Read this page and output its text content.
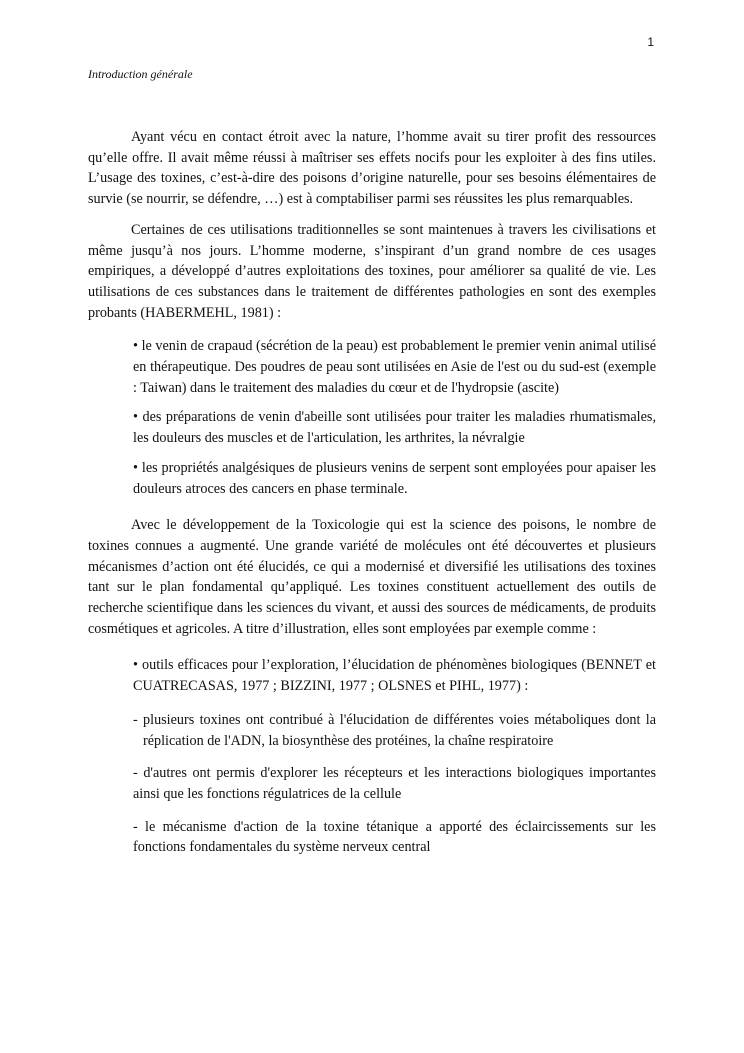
1
Introduction générale

Ayant vécu en contact étroit avec la nature, l’homme avait su tirer profit des ressources qu’elle offre. Il avait même réussi à maîtriser ses effets nocifs pour les exploiter à des fins utiles. L’usage des toxines, c’est-à-dire des poisons d’origine naturelle, pour ses besoins élémentaires de survie (se nourrir, se défendre, …) est à comptabiliser parmi ses réussites les plus remarquables.

Certaines de ces utilisations traditionnelles se sont maintenues à travers les civilisations et même jusqu’à nos jours. L’homme moderne, s’inspirant d’un grand nombre de ces usages empiriques, a développé d’autres exploitations des toxines, pour améliorer sa qualité de vie. Les utilisations de ces substances dans le traitement de différentes pathologies en sont des exemples probants (HABERMEHL, 1981) :

• le venin de crapaud (sécrétion de la peau) est probablement le premier venin animal utilisé en thérapeutique. Des poudres de peau sont utilisées en Asie de l'est ou du sud-est (exemple : Taiwan) dans le traitement des maladies du cœur et de l'hydropsie (ascite)

• des préparations de venin d'abeille sont utilisées pour traiter les maladies rhumatismales, les douleurs des muscles et de l'articulation, les arthrites, la névralgie

• les propriétés analgésiques de plusieurs venins de serpent sont employées pour apaiser les douleurs atroces des cancers en phase terminale.

Avec le développement de la Toxicologie qui est la science des poisons, le nombre de toxines connues a augmenté. Une grande variété de molécules ont été découvertes et plusieurs mécanismes d’action ont été élucidés, ce qui a modernisé et diversifié les utilisations des toxines tant sur le plan fondamental qu’appliqué. Les toxines constituent actuellement des outils de recherche scientifique dans les sciences du vivant, et aussi des sources de médicaments, de produits cosmétiques et agricoles. A titre d’illustration, elles sont employées par exemple comme :

• outils efficaces pour l’exploration, l’élucidation de phénomènes biologiques (BENNET et CUATRECASAS, 1977 ; BIZZINI, 1977 ; OLSNES et PIHL, 1977) :

- plusieurs toxines ont contribué à l'élucidation de différentes voies métaboliques dont la réplication de l'ADN, la biosynthèse des protéines, la chaîne respiratoire

- d'autres ont permis d'explorer les récepteurs et les interactions biologiques importantes ainsi que les fonctions régulatrices de la cellule

- le mécanisme d'action de la toxine tétanique a apporté des éclaircissements sur les fonctions fondamentales du système nerveux central
